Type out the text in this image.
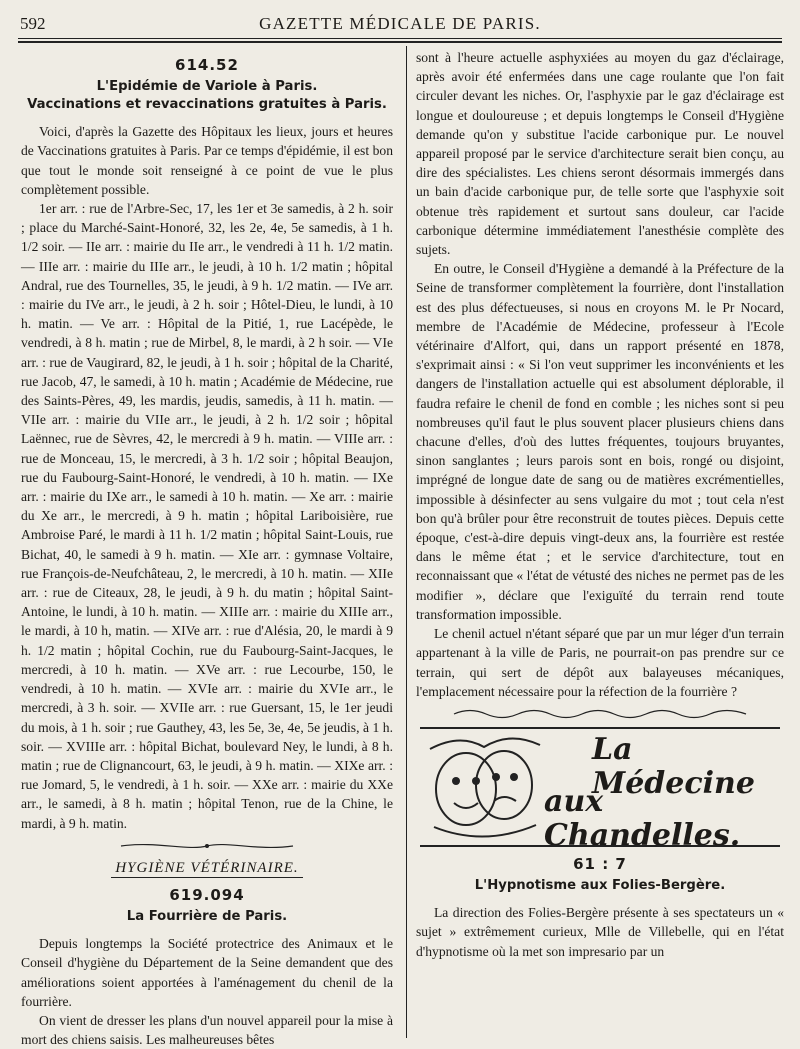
592	GAZETTE MÉDICALE DE PARIS.
614.52
L'Epidémie de Variole à Paris.
Vaccinations et revaccinations gratuites à Paris.

Voici, d'après la Gazette des Hôpitaux les lieux, jours et heures de Vaccinations gratuites à Paris. Par ce temps d'épidémie, il est bon que tout le monde soit renseigné à ce point de vue le plus complètement possible.

1er arr. : rue de l'Arbre-Sec, 17, les 1er et 3e samedis, à 2 h. soir ; place du Marché-Saint-Honoré, 32, les 2e, 4e, 5e samedis, à 1 h. 1/2 soir. — IIe arr. : mairie du IIe arr., le vendredi à 11 h. 1/2 matin. — IIIe arr. : mairie du IIIe arr., le jeudi, à 10 h. 1/2 matin ; hôpital Andral, rue des Tournelles, 35, le jeudi, à 9 h. 1/2 matin. — IVe arr. : mairie du IVe arr., le jeudi, à 2 h. soir ; Hôtel-Dieu, le lundi, à 10 h. matin. — Ve arr. : Hôpital de la Pitié, 1, rue Lacépède, le vendredi, à 8 h. matin ; rue de Mirbel, 8, le mardi, à 2 h soir. — VIe arr. : rue de Vaugirard, 82, le jeudi, à 1 h. soir ; hôpital de la Charité, rue Jacob, 47, le samedi, à 10 h. matin ; Académie de Médecine, rue des Saints-Pères, 49, les mardis, jeudis, samedis, à 11 h. matin. — VIIe arr. : mairie du VIIe arr., le jeudi, à 2 h. 1/2 soir ; hôpital Laënnec, rue de Sèvres, 42, le mercredi à 9 h. matin. — VIIIe arr. : rue de Monceau, 15, le mercredi, à 3 h. 1/2 soir ; hôpital Beaujon, rue du Faubourg-Saint-Honoré, le vendredi, à 10 h. matin. — IXe arr. : mairie du IXe arr., le samedi à 10 h. matin. — Xe arr. : mairie du Xe arr., le mercredi, à 9 h. matin ; hôpital Lariboisière, rue Ambroise Paré, le mardi à 11 h. 1/2 matin ; hôpital Saint-Louis, rue Bichat, 40, le samedi à 9 h. matin. — XIe arr. : gymnase Voltaire, rue François-de-Neufchâteau, 2, le mercredi, à 10 h. matin. — XIIe arr. : rue de Citeaux, 28, le jeudi, à 9 h. du matin ; hôpital Saint-Antoine, le lundi, à 10 h. matin. — XIIIe arr. : mairie du XIIIe arr., le mardi, à 10 h, matin. — XIVe arr. : rue d'Alésia, 20, le mardi à 9 h. 1/2 matin ; hôpital Cochin, rue du Faubourg-Saint-Jacques, le mercredi, à 10 h. matin. — XVe arr. : rue Lecourbe, 150, le vendredi, à 10 h. matin. — XVIe arr. : mairie du XVIe arr., le mercredi, à 3 h. soir. — XVIIe arr. : rue Guersant, 15, le 1er jeudi du mois, à 1 h. soir ; rue Gauthey, 43, les 5e, 3e, 4e, 5e jeudis, à 1 h. soir. — XVIIIe arr. : hôpital Bichat, boulevard Ney, le lundi, à 8 h. matin ; rue de Clignancourt, 63, le jeudi, à 9 h. matin. — XIXe arr. : rue Jomard, 5, le vendredi, à 1 h. soir. — XXe arr. : mairie du XXe arr., le samedi, à 8 h. matin ; hôpital Tenon, rue de la Chine, le mardi, à 9 h. matin.

HYGIÈNE VÉTÉRINAIRE.
619.094
La Fourrière de Paris.

Depuis longtemps la Société protectrice des Animaux et le Conseil d'hygiène du Département de la Seine demandent que des améliorations soient apportées à l'aménagement du chenil de la fourrière.

On vient de dresser les plans d'un nouvel appareil pour la mise à mort des chiens saisis. Les malheureuses bêtes

sont à l'heure actuelle asphyxiées au moyen du gaz d'éclairage, après avoir été enfermées dans une cage roulante que l'on fait circuler devant les niches. Or, l'asphyxie par le gaz d'éclairage est longue et douloureuse ; et depuis longtemps le Conseil d'Hygiène demande qu'on y substitue l'acide carbonique pur. Le nouvel appareil proposé par le service d'architecture serait bien conçu, au dire des spécialistes. Les chiens seront désormais immergés dans un bain d'acide carbonique pur, de telle sorte que l'asphyxie soit obtenue très rapidement et surtout sans douleur, car l'acide carbonique détermine immédiatement l'anesthésie complète des sujets.

En outre, le Conseil d'Hygiène a demandé à la Préfecture de la Seine de transformer complètement la fourrière, dont l'installation est des plus défectueuses, si nous en croyons M. le Pr Nocard, membre de l'Académie de Médecine, professeur à l'Ecole vétérinaire d'Alfort, qui, dans un rapport présenté en 1878, s'exprimait ainsi : « Si l'on veut supprimer les inconvénients et les dangers de l'installation actuelle qui est absolument déplorable, il faudra refaire le chenil de fond en comble ; les niches sont si peu nombreuses qu'il faut le plus souvent placer plusieurs chiens dans chacune d'elles, d'où des luttes fréquentes, toujours bruyantes, sinon sanglantes ; leurs parois sont en bois, rongé ou disjoint, imprégné de longue date de sang ou de matières excrémentielles, impossible à désinfecter au sens vulgaire du mot ; tout cela n'est bon qu'à brûler pour être reconstruit de toutes pièces. Depuis cette époque, c'est-à-dire depuis vingt-deux ans, la fourrière est restée dans le même état ; et le service d'architecture, tout en reconnaissant que « l'état de vétusté des niches ne permet pas de les modifier », déclare que l'exiguïté du terrain rend toute transformation impossible.

Le chenil actuel n'étant séparé que par un mur léger d'un terrain appartenant à la ville de Paris, ne pourrait-on pas prendre sur ce terrain, qui sert de dépôt aux balayeuses mécaniques, l'emplacement nécessaire pour la réfection de la fourrière ?

La Médecine
aux Chandelles.
61 : 7
L'Hypnotisme aux Folies-Bergère.

La direction des Folies-Bergère présente à ses spectateurs un « sujet » extrêmement curieux, Mlle de Villebelle, qui en l'état d'hypnotisme où la met son impresario par un
